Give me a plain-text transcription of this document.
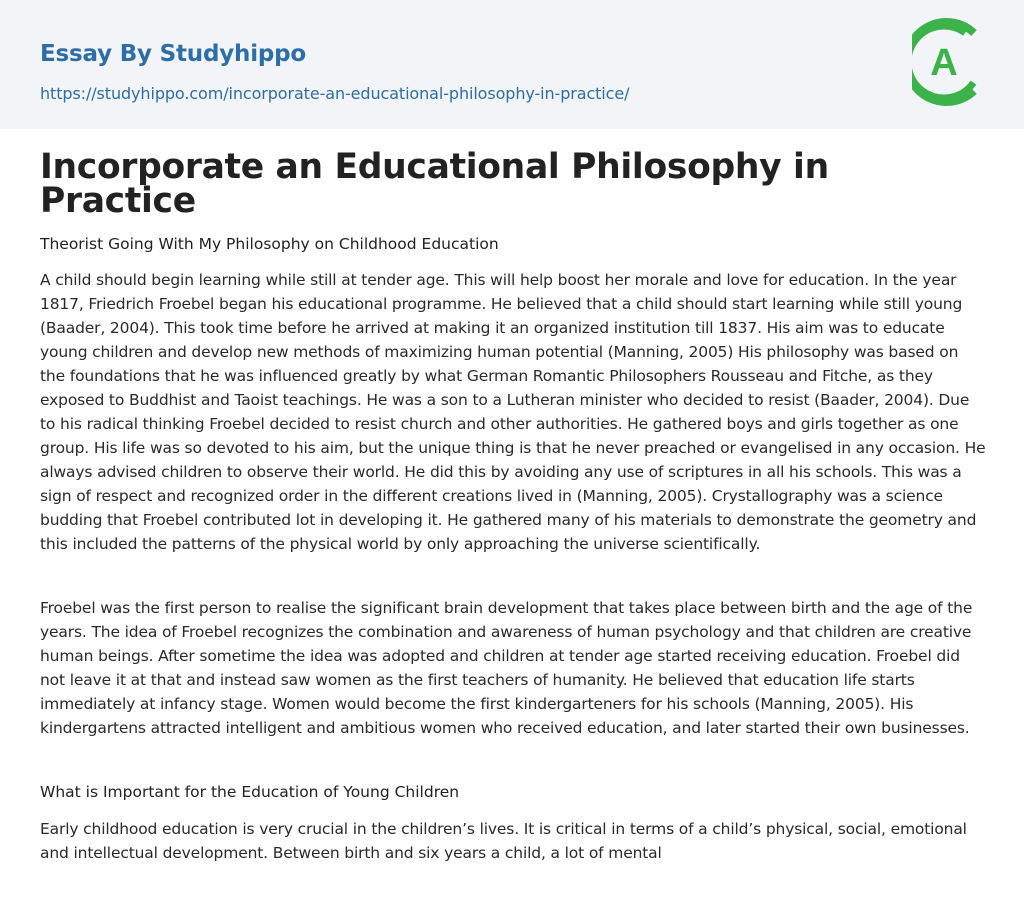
Essay By Studyhippo
https://studyhippo.com/incorporate-an-educational-philosophy-in-practice/
A
Incorporate an Educational Philosophy in Practice

Theorist Going With My Philosophy on Childhood Education

A child should begin learning while still at tender age. This will help boost her morale and love for education. In the year 1817, Friedrich Froebel began his educational programme. He believed that a child should start learning while still young (Baader, 2004). This took time before he arrived at making it an organized institution till 1837. His aim was to educate young children and develop new methods of maximizing human potential (Manning, 2005) His philosophy was based on the foundations that he was influenced greatly by what German Romantic Philosophers Rousseau and Fitche, as they exposed to Buddhist and Taoist teachings. He was a son to a Lutheran minister who decided to resist (Baader, 2004). Due to his radical thinking Froebel decided to resist church and other authorities. He gathered boys and girls together as one group. His life was so devoted to his aim, but the unique thing is that he never preached or evangelised in any occasion. He always advised children to observe their world. He did this by avoiding any use of scriptures in all his schools. This was a sign of respect and recognized order in the different creations lived in (Manning, 2005). Crystallography was a science budding that Froebel contributed lot in developing it. He gathered many of his materials to demonstrate the geometry and this included the patterns of the physical world by only approaching the universe scientifically.

Froebel was the first person to realise the significant brain development that takes place between birth and the age of the years. The idea of Froebel recognizes the combination and awareness of human psychology and that children are creative human beings. After sometime the idea was adopted and children at tender age started receiving education. Froebel did not leave it at that and instead saw women as the first teachers of humanity. He believed that education life starts immediately at infancy stage. Women would become the first kindergarteners for his schools (Manning, 2005). His kindergartens attracted intelligent and ambitious women who received education, and later started their own businesses.

What is Important for the Education of Young Children

Early childhood education is very crucial in the children’s lives. It is critical in terms of a child’s physical, social, emotional and intellectual development. Between birth and six years a child, a lot of mental
